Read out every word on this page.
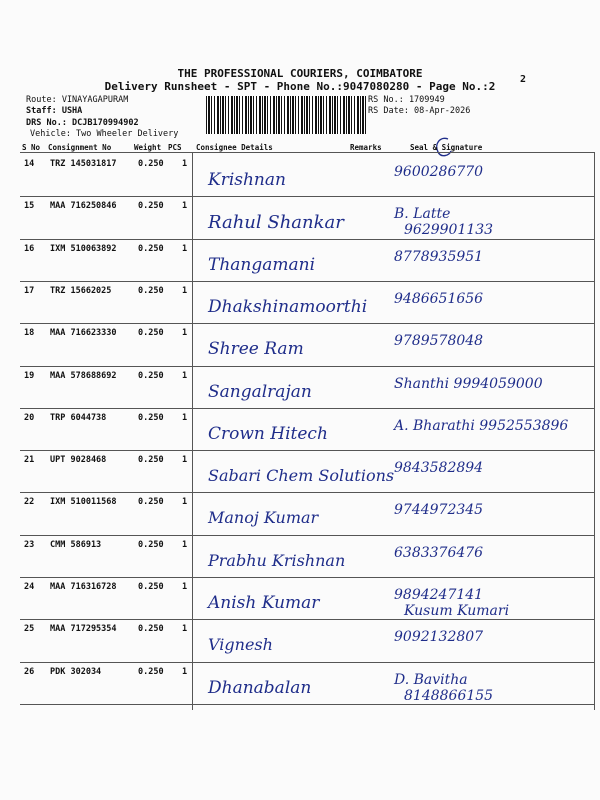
THE PROFESSIONAL COURIERS, COIMBATORE
Delivery Runsheet - SPT - Phone No.:9047080280 - Page No.:2
2
Route: VINAYAGAPURAM
Staff: USHA
DRS No.: DCJB170994902
Vehicle: Two Wheeler Delivery
RS No.: 1709949
RS Date: 08-Apr-2026
S No Consignment No	Weight PCS Consignee Details	Remarks	Seal & Signature
14 TRZ 145031817	0.250 1
Krishnan	9600286770
15 MAA 716250846	0.250 1
Rahul Shankar	B. Latte
9629901133
16 IXM 510063892	0.250 1
Thangamani	8778935951
17 TRZ 15662025	0.250 1
Dhakshinamoorthi 9486651656
18 MAA 716623330	0.250 1
Shree Ram	9789578048
19 MAA 578688692	0.250 1
Sangalrajan	Shanthi 9994059000
20 TRP 6044738	0.250 1
Crown Hitech	A. Bharathi 9952553896
21 UPT 9028468	0.250 1
Sabari Chem Solutions 9843582894
22 IXM 510011568	0.250 1
Manoj Kumar	9744972345
23 CMM 586913	0.250 1
Prabhu Krishnan	6383376476
24 MAA 716316728	0.250 1
Anish Kumar	9894247141
Kusum Kumari
25 MAA 717295354	0.250 1
Vignesh	9092132807
26 PDK 302034	0.250 1
Dhanabalan	D. Bavitha
8148866155
